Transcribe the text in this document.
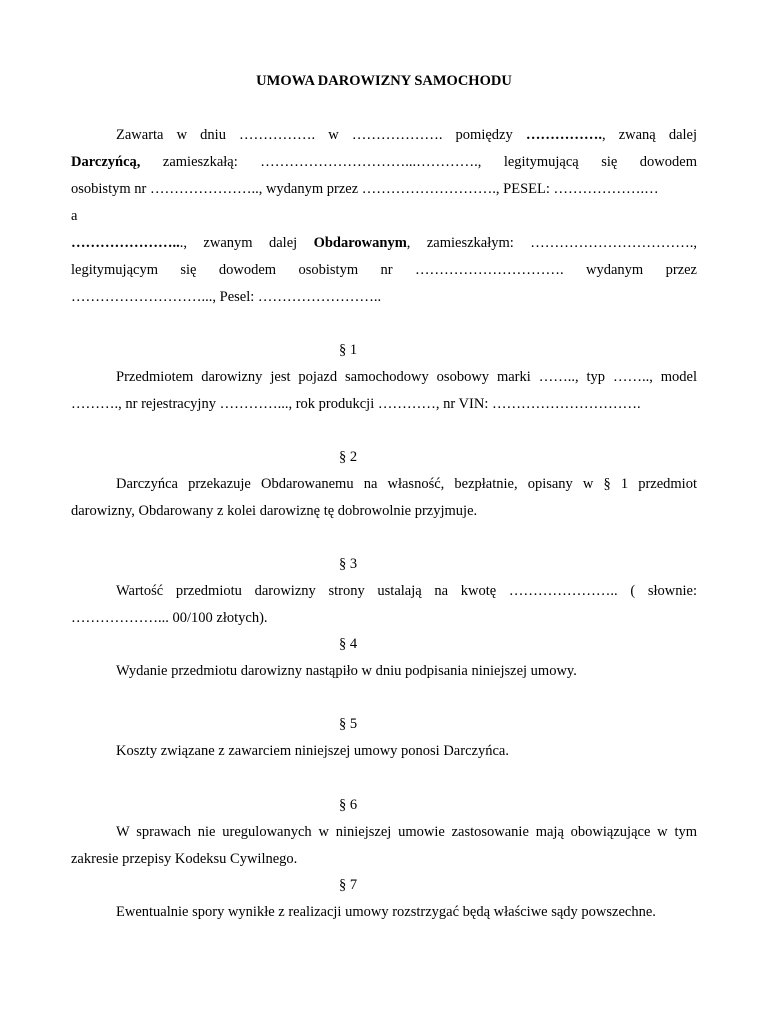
UMOWA DAROWIZNY SAMOCHODU
Zawarta w dniu ……………. w ………………. pomiędzy ……………., zwaną dalej
Darczyńcą, zamieszkałą: …………………………...…………., legitymującą się dowodem
osobistym nr ………………….., wydanym przez ………………………., PESEL: ……………….…
a
…………………..., zwanym dalej Obdarowanym, zamieszkałym: …………………………….,
legitymującym się dowodem osobistym nr …………………………. wydanym przez
………………………..., Pesel: ……………………..
§ 1
Przedmiotem darowizny jest pojazd samochodowy osobowy marki …….., typ …….., model ………., nr rejestracyjny …………..., rok produkcji …………, nr VIN: ………………………….
§ 2
Darczyńca przekazuje Obdarowanemu na własność, bezpłatnie, opisany w § 1 przedmiot darowizny, Obdarowany z kolei darowiznę tę dobrowolnie przyjmuje.
§ 3
Wartość przedmiotu darowizny strony ustalają na kwotę ………………….. ( słownie: ………………... 00/100 złotych).
§ 4
Wydanie przedmiotu darowizny nastąpiło w dniu podpisania niniejszej umowy.
§ 5
Koszty związane z zawarciem niniejszej umowy ponosi Darczyńca.
§ 6
W sprawach nie uregulowanych w niniejszej umowie zastosowanie mają obowiązujące w tym zakresie przepisy Kodeksu Cywilnego.
§ 7
Ewentualnie spory wynikłe z realizacji umowy rozstrzygać będą właściwe sądy powszechne.
